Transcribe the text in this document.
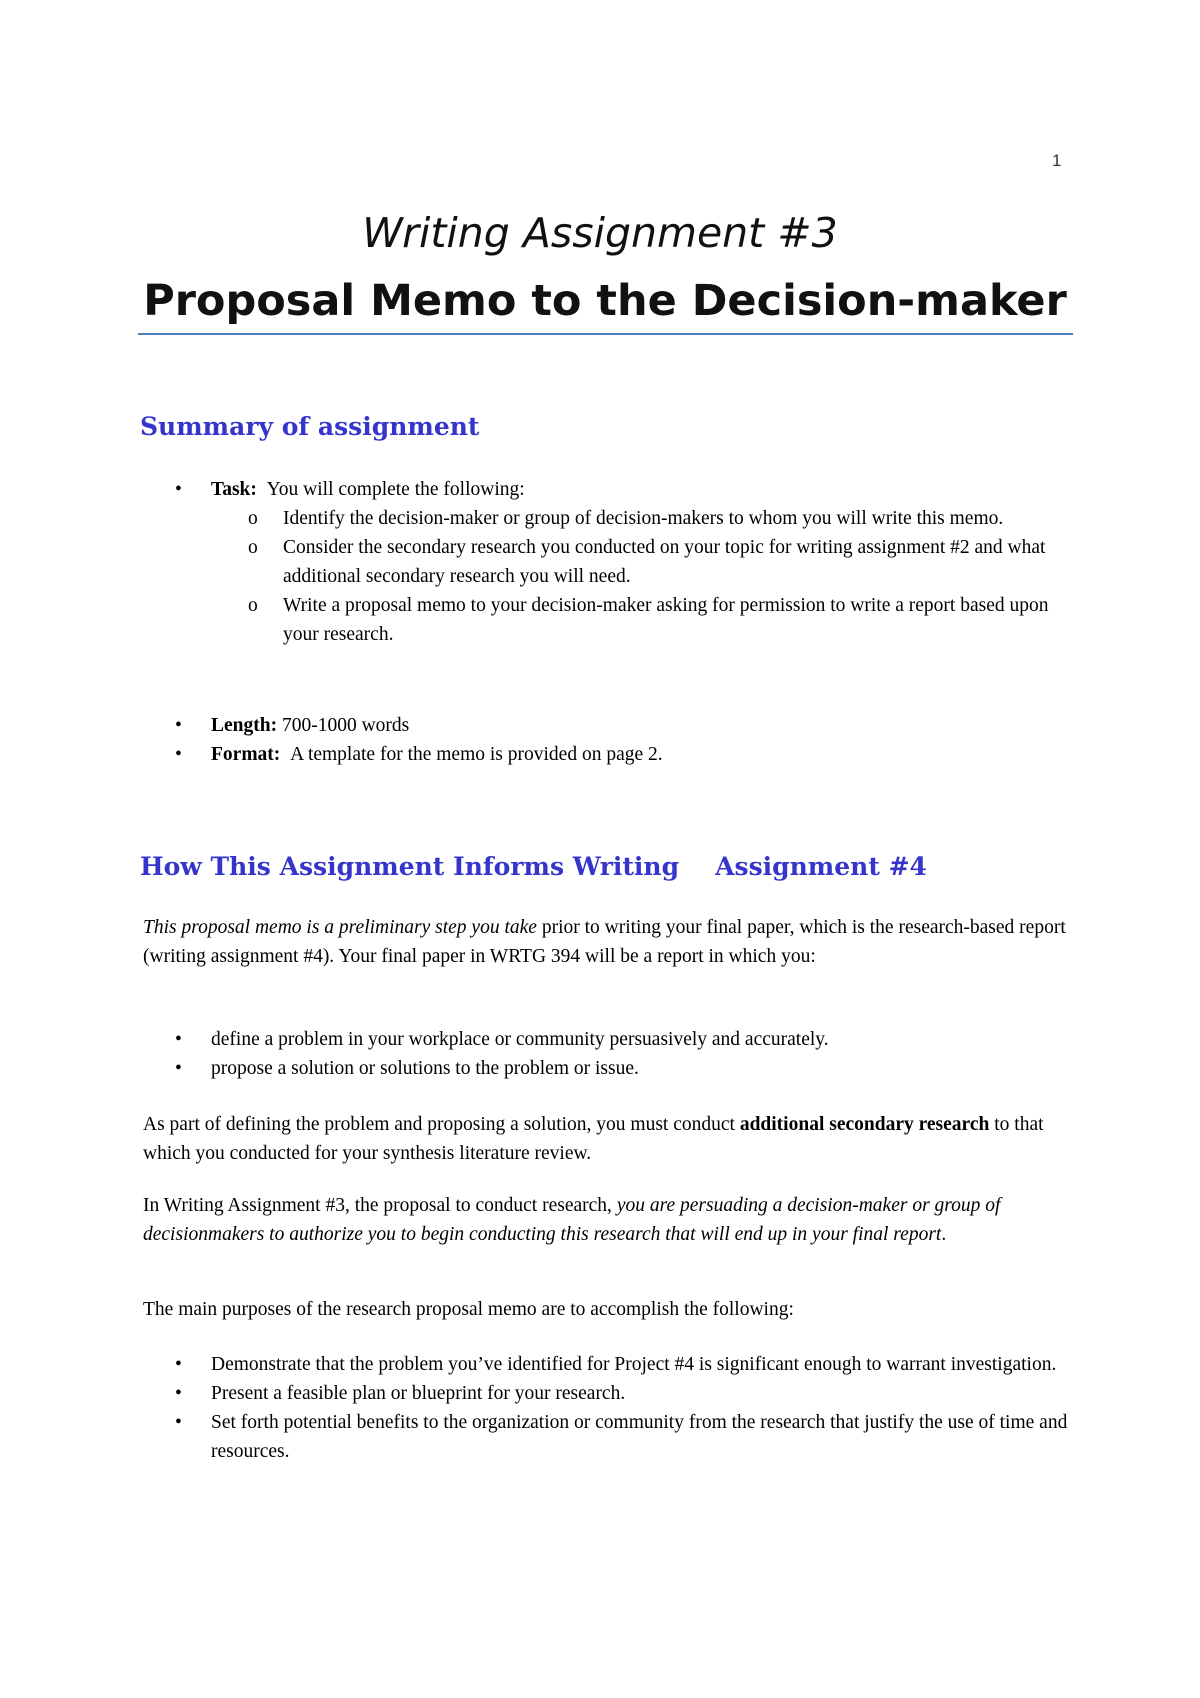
1
Writing Assignment #3
Proposal Memo to the Decision-maker
Summary of assignment
• Task: You will complete the following:
o Identify the decision-maker or group of decision-makers to whom you will write this memo.
o Consider the secondary research you conducted on your topic for writing assignment #2 and what additional secondary research you will need.
o Write a proposal memo to your decision-maker asking for permission to write a report based upon your research.
• Length: 700-1000 words
• Format: A template for the memo is provided on page 2.
How This Assignment Informs Writing Assignment #4
This proposal memo is a preliminary step you take prior to writing your final paper, which is the research-based report (writing assignment #4). Your final paper in WRTG 394 will be a report in which you:
• define a problem in your workplace or community persuasively and accurately.
• propose a solution or solutions to the problem or issue.
As part of defining the problem and proposing a solution, you must conduct additional secondary research to that which you conducted for your synthesis literature review.
In Writing Assignment #3, the proposal to conduct research, you are persuading a decision-maker or group of decisionmakers to authorize you to begin conducting this research that will end up in your final report.
The main purposes of the research proposal memo are to accomplish the following:
• Demonstrate that the problem you’ve identified for Project #4 is significant enough to warrant investigation.
• Present a feasible plan or blueprint for your research.
• Set forth potential benefits to the organization or community from the research that justify the use of time and resources.
